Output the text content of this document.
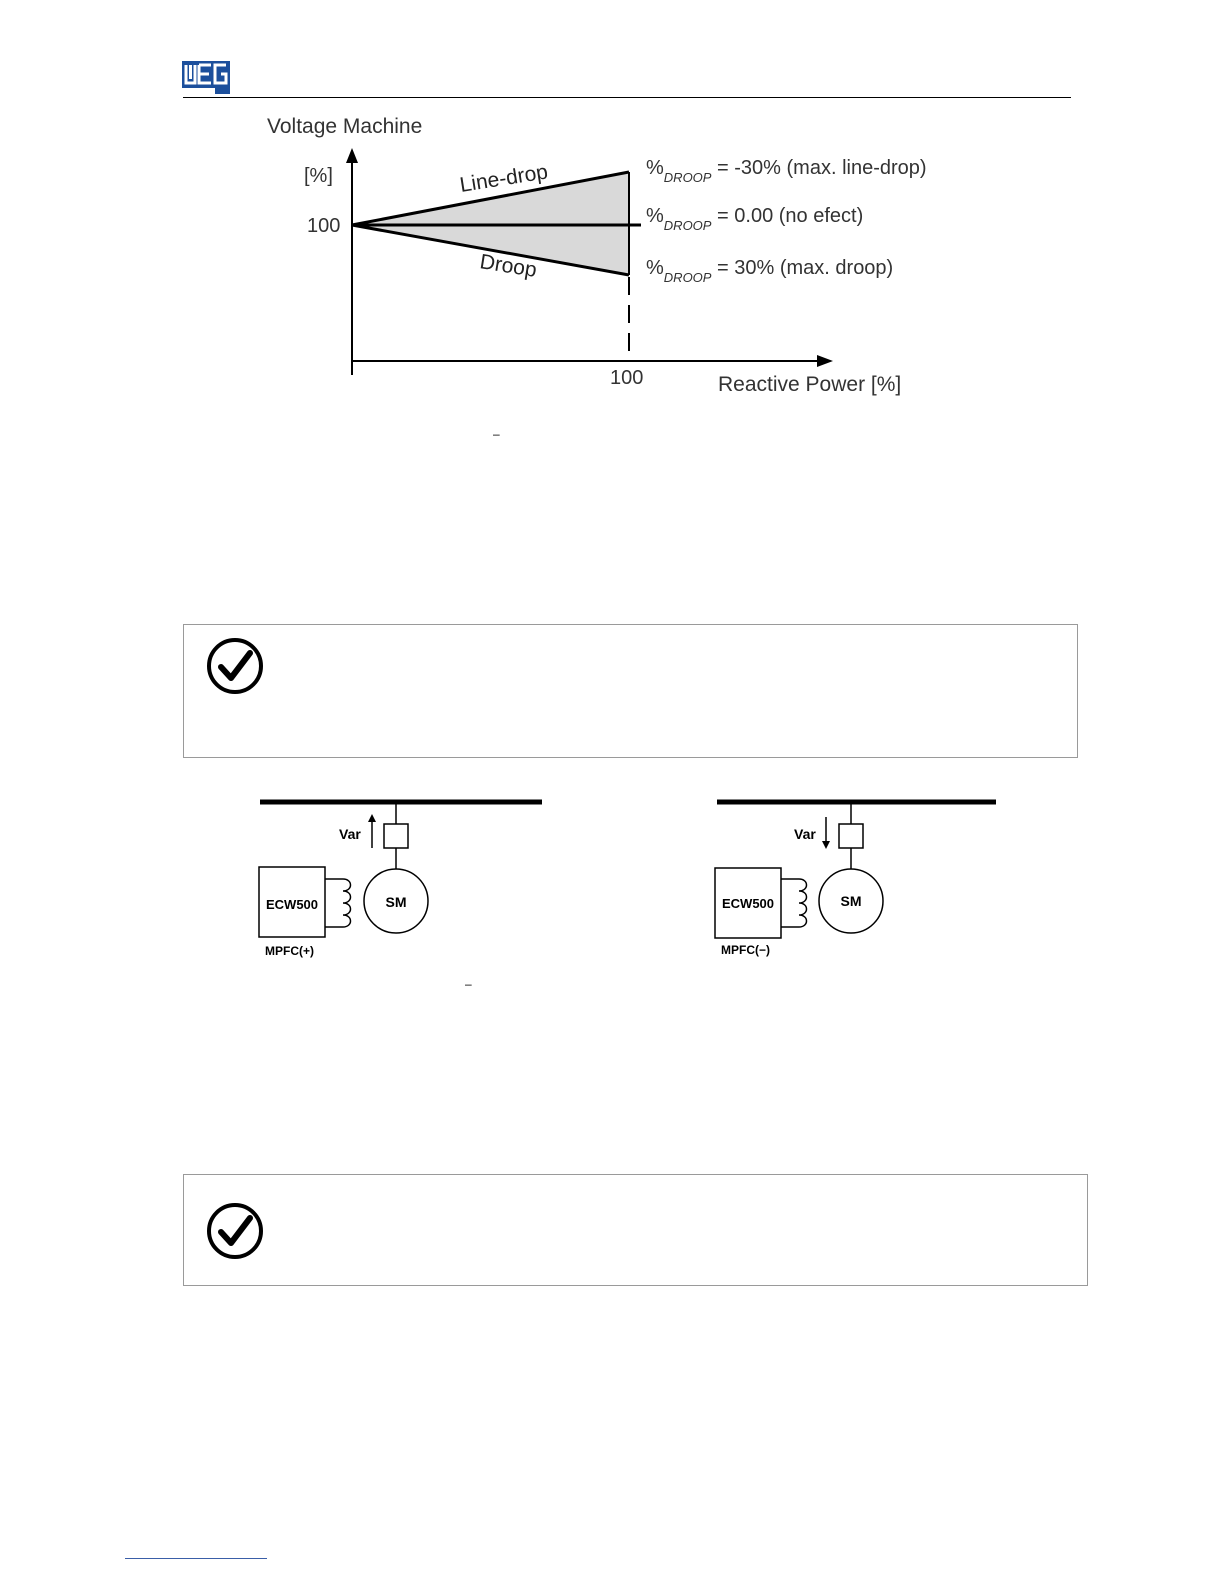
Voltage Machine
[%]
100
100	Reactive Power [%]
Line-drop
Droop
$\%_{DROOP} = -30\%$ (max. line-drop)
$\%_{DROOP} = 0.00$ (no efect)
$\%_{DROOP} = 30\%$ (max. droop)
–
SM
Var
ECW500
MPFC(+)
SM
Var
ECW500
MPFC(−)
–
